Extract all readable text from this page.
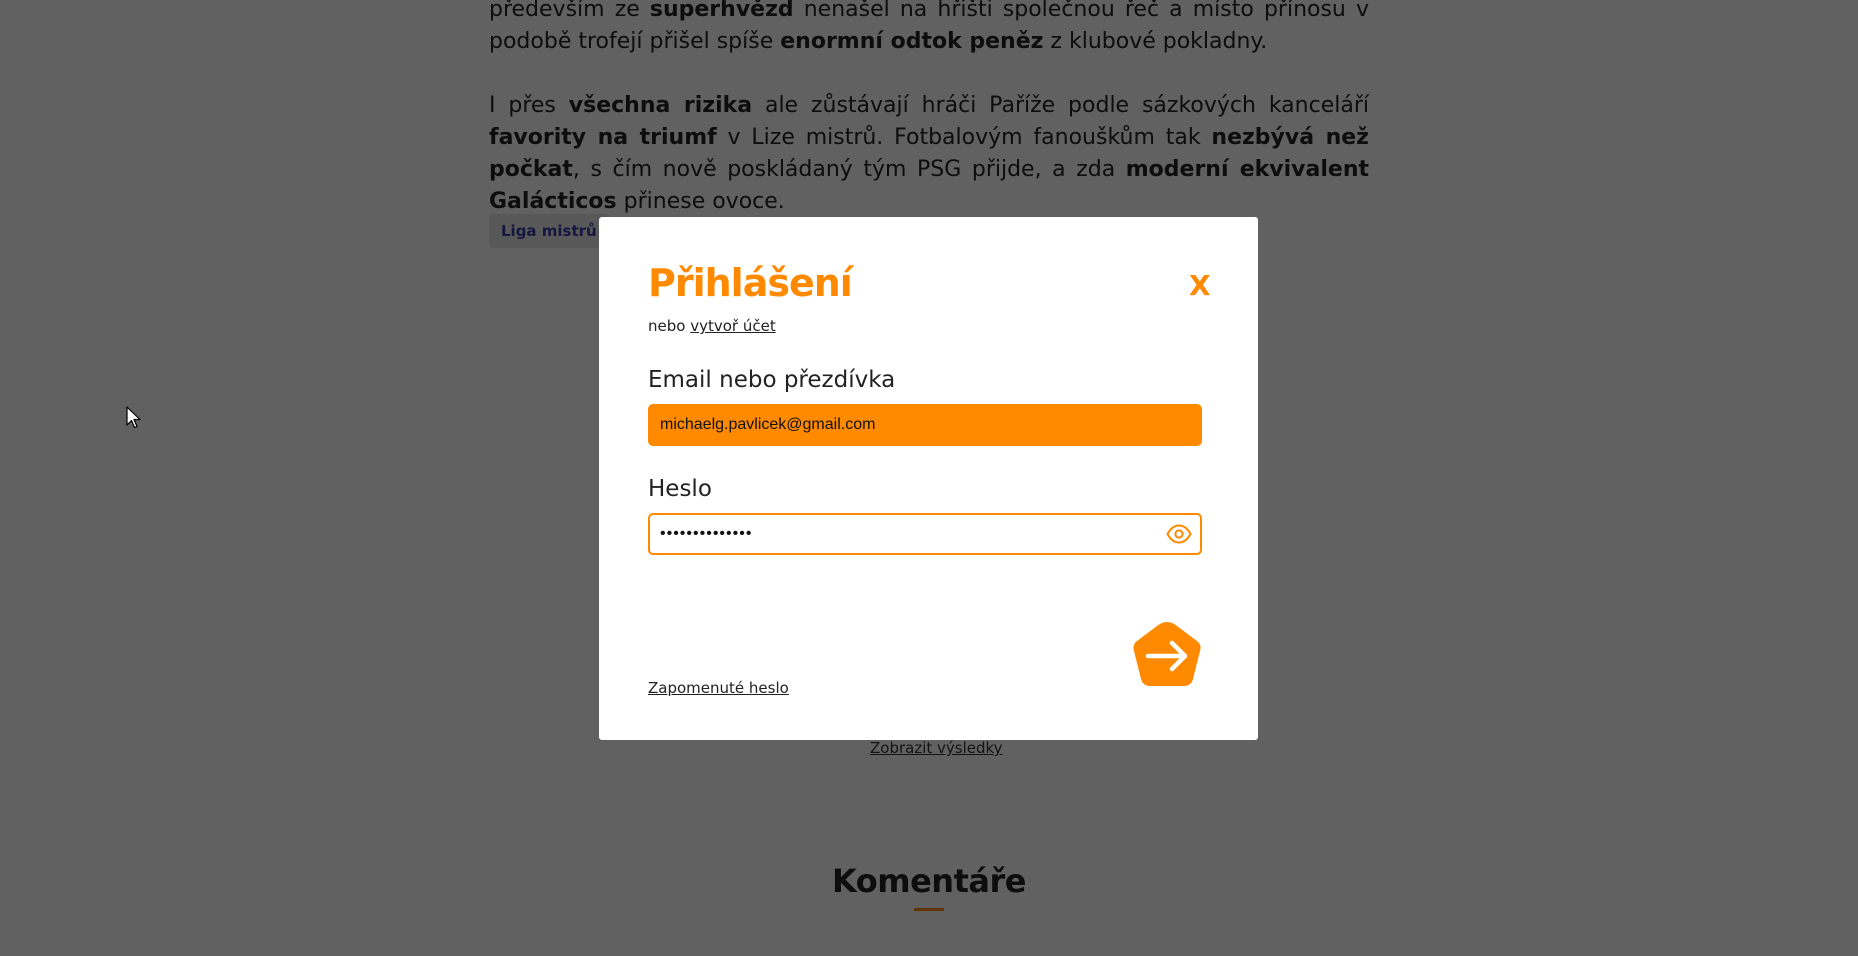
Přihlášení	X
nebo vytvoř účet
Email nebo přezdívka
michaelg.pavlicek@gmail.com
Heslo
••••••••••••••
Zapomenuté heslo
